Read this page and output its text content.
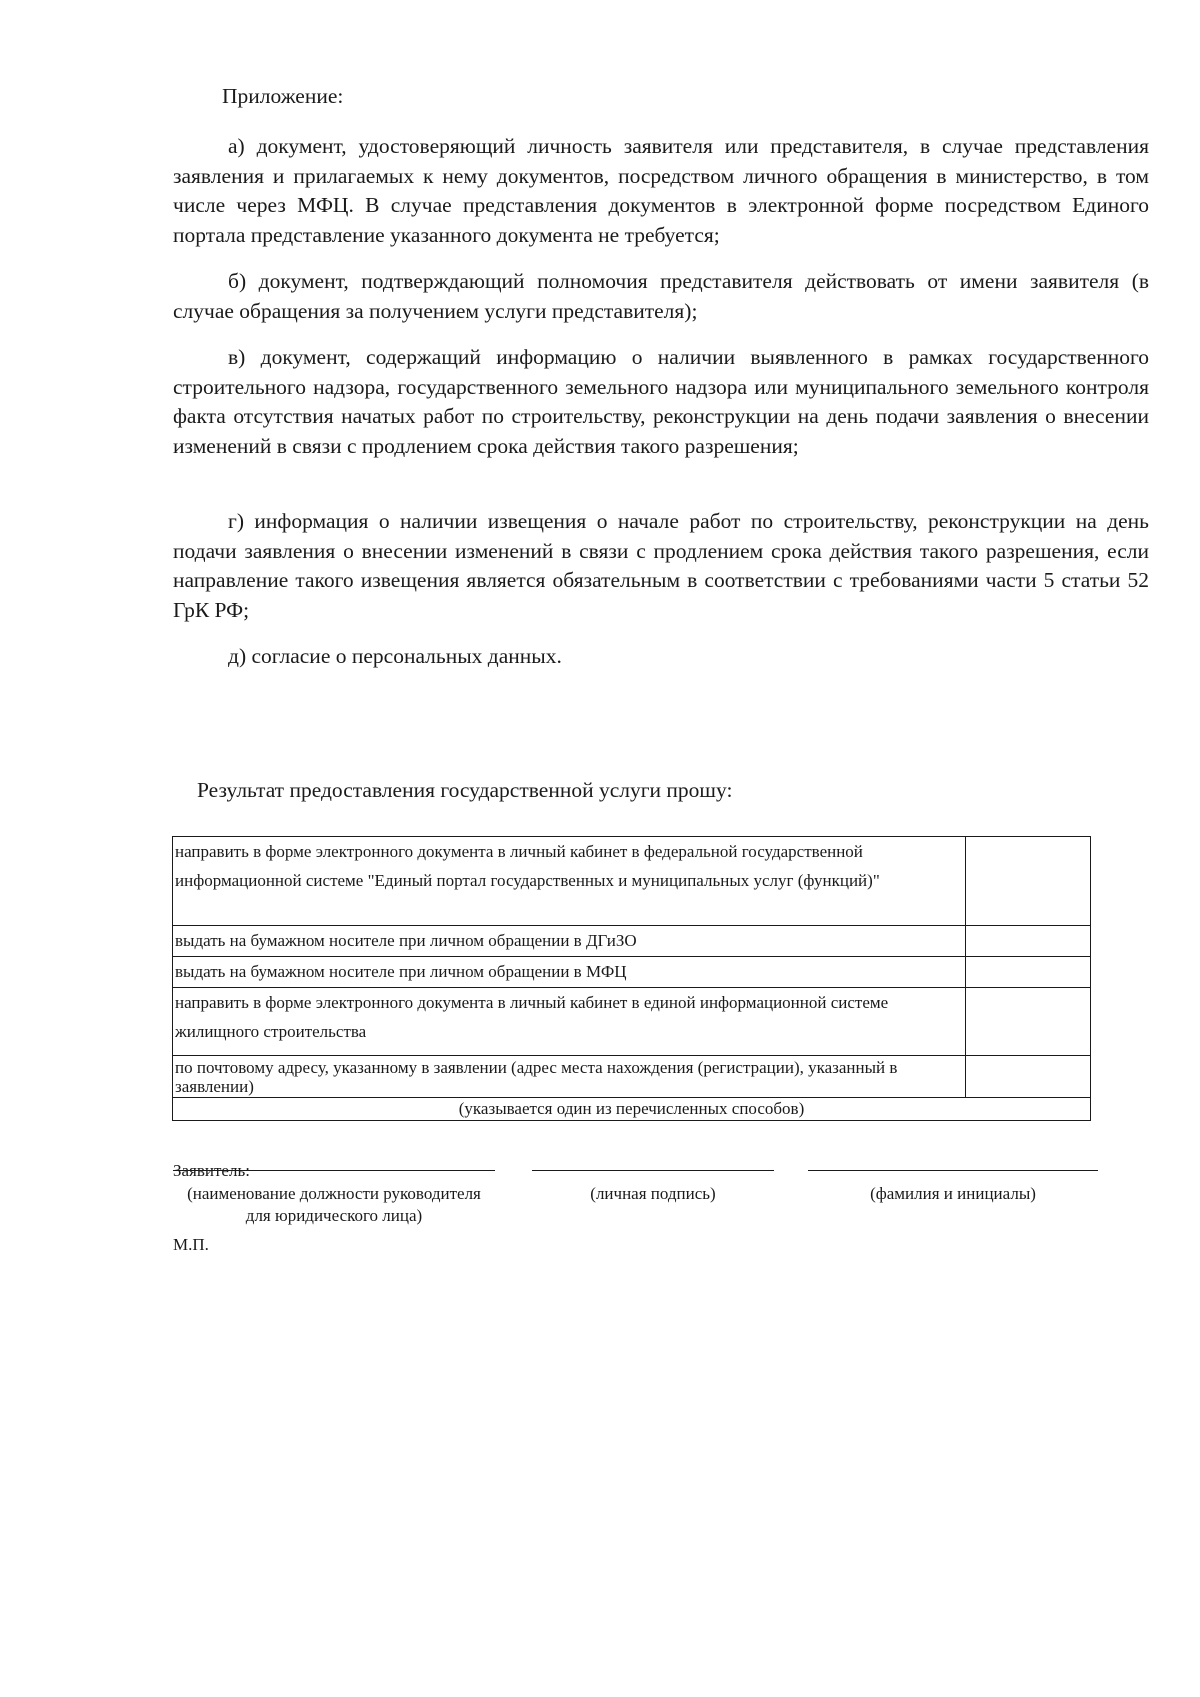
Приложение:

а) документ, удостоверяющий личность заявителя или представителя, в случае представления заявления и прилагаемых к нему документов, посредством личного обращения в министерство, в том числе через МФЦ. В случае представления документов в электронной форме посредством Единого портала представление указанного документа не требуется;

б) документ, подтверждающий полномочия представителя действовать от имени заявителя (в случае обращения за получением услуги представителя);

в) документ, содержащий информацию о наличии выявленного в рамках государственного строительного надзора, государственного земельного надзора или муниципального земельного контроля факта отсутствия начатых работ по строительству, реконструкции на день подачи заявления о внесении изменений в связи с продлением срока действия такого разрешения;

г) информация о наличии извещения о начале работ по строительству, реконструкции на день подачи заявления о внесении изменений в связи с продлением срока действия такого разрешения, если направление такого извещения является обязательным в соответствии с требованиями части 5 статьи 52 ГрК РФ;

д) согласие о персональных данных.

Результат предоставления государственной услуги прошу:

направить в форме электронного документа в личный кабинет в федеральной государственной информационной системе "Единый портал государственных и муниципальных услуг (функций)"	
выдать на бумажном носителе при личном обращении в ДГиЗО	
выдать на бумажном носителе при личном обращении в МФЦ	
направить в форме электронного документа в личный кабинет в единой информационной системе жилищного строительства	
по почтовому адресу, указанному в заявлении (адрес места нахождения (регистрации), указанный в заявлении)	
(указывается один из перечисленных способов)	
Заявитель:
(наименование должности руководителя для юридического лица)
(личная подпись)	(фамилия и инициалы)
М.П.
